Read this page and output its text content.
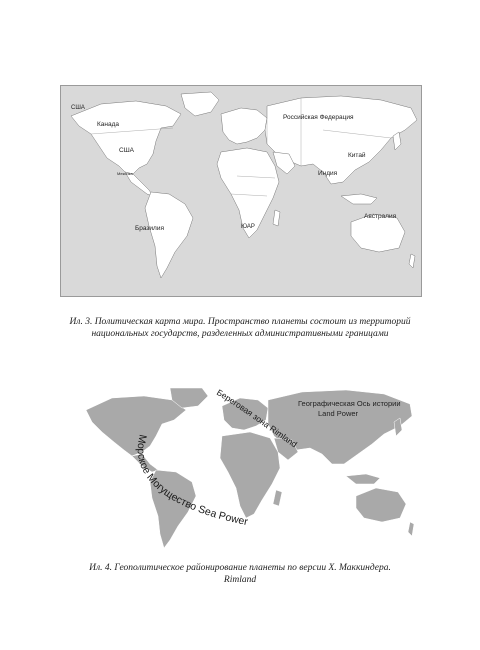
США
Канада
США
Мексика
Бразилия
Российская Федерация
Китай
Индия
Австралия
ЮАР
Ил. 3. Политическая карта мира. Пространство планеты состоит из территорий
национальных государств, разделенных административными границами
Географическая Ось истории
Land Power
Береговая зона Rimland
Морское Могущество Sea Power
Ил. 4. Геополитическое районирование планеты по версии Х. Маккиндера.
Rimland
